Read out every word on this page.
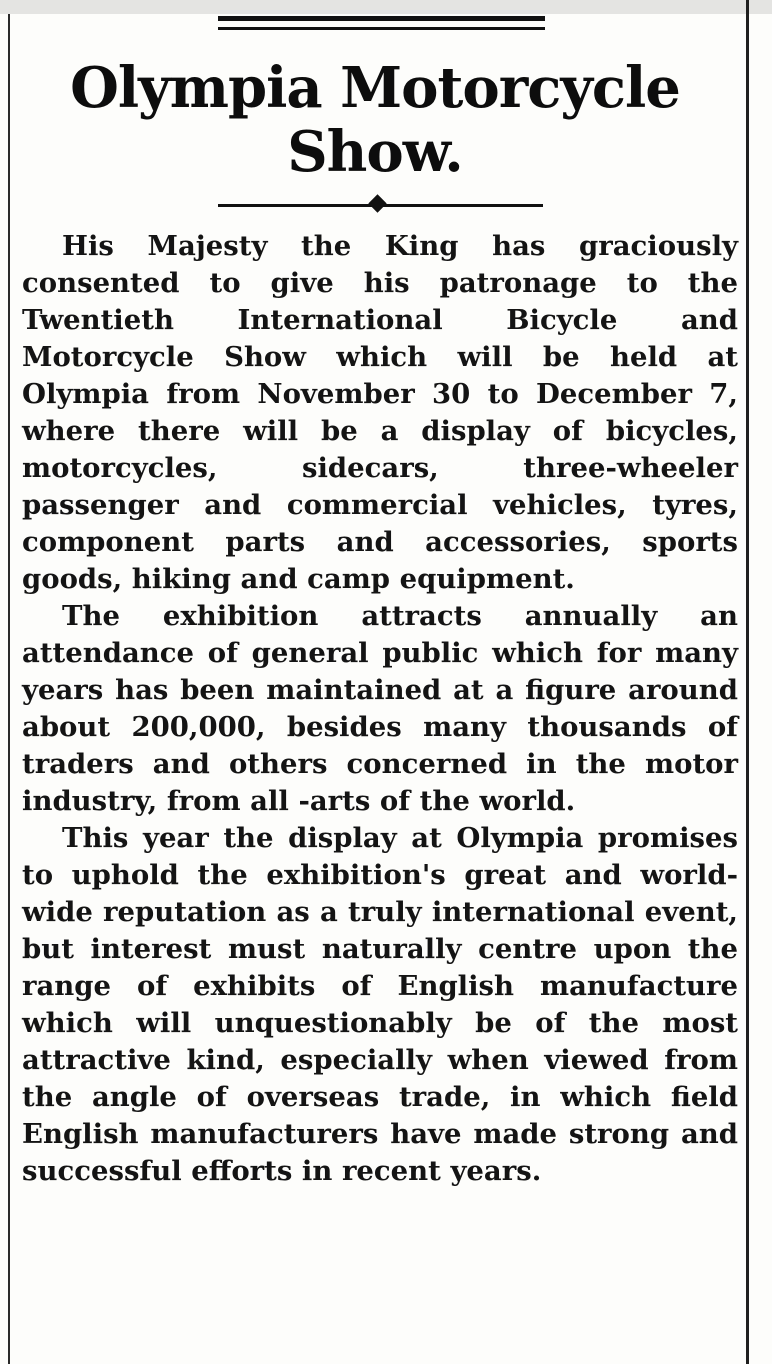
Olympia Motorcycle Show.

His Majesty the King has graciously consented to give his patronage to the Twentieth International Bicycle and Motorcycle Show which will be held at Olympia from November 30 to December 7, where there will be a display of bicycles, motorcycles, sidecars, three-wheeler passenger and commercial vehicles, tyres, component parts and accessories, sports goods, hiking and camp equipment.

The exhibition attracts annually an attendance of general public which for many years has been maintained at a figure around about 200,000, besides many thousands of traders and others concerned in the motor industry, from all -arts of the world.

This year the display at Olympia promises to uphold the exhibition's great and world-wide reputation as a truly international event, but interest must naturally centre upon the range of exhibits of English manufacture which will unquestionably be of the most attractive kind, especially when viewed from the angle of overseas trade, in which field English manufacturers have made strong and successful efforts in recent years.
